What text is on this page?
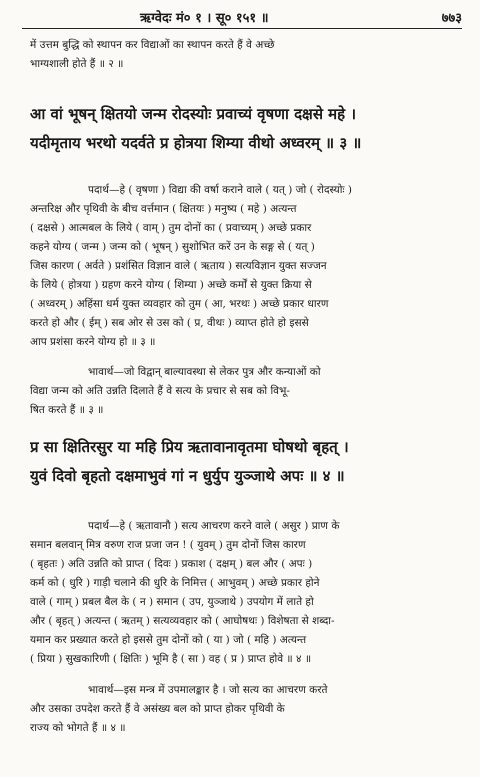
ऋग्वेदः मं० १ । सू० १५१ ॥	७७३
में उत्तम बुद्धि को स्थापन कर विद्याओं का स्थापन करते हैं वे अच्छे
भाग्यशाली होते हैं ॥ २ ॥
आ वां भूषन् क्षितयो जन्म रोदस्योः प्रवाच्यं वृषणा दक्षसे महे ।
यदीमृताय भरथो यदर्वते प्र होत्रया शिम्या वीथो अध्वरम् ॥ ३ ॥
पदार्थ—हे ( वृषणा ) विद्या की वर्षा कराने वाले ( यत् ) जो ( रोदस्योः )
अन्तरिक्ष और पृथिवी के बीच वर्त्तमान ( क्षितयः ) मनुष्य ( महे ) अत्यन्त
( दक्षसे ) आत्मबल के लिये ( वाम् ) तुम दोनों का ( प्रवाच्यम् ) अच्छे प्रकार
कहने योग्य ( जन्म ) जन्म को ( भूषन् ) सुशोभित करें उन के सङ्ग से ( यत् )
जिस कारण ( अर्वते ) प्रशंसित विज्ञान वाले ( ऋताय ) सत्यविज्ञान युक्त सज्जन
के लिये ( होत्रया ) ग्रहण करने योग्य ( शिम्या ) अच्छे कर्मों से युक्त क्रिया से
( अध्वरम् ) अहिंसा धर्म युक्त व्यवहार को तुम ( आ, भरथः ) अच्छे प्रकार धारण
करते हो और ( ईम् ) सब ओर से उस को ( प्र, वीथः ) व्याप्त होते हो इससे
आप प्रशंसा करने योग्य हो ॥ ३ ॥
भावार्थ—जो विद्वान् बाल्यावस्था से लेकर पुत्र और कन्याओं को
विद्या जन्म को अति उन्नति दिलाते हैं वे सत्य के प्रचार से सब को विभू-
षित करते हैं ॥ ३ ॥
प्र सा क्षितिरसुर या महि प्रिय ऋतावानावृतमा घोषथो बृहत् ।
युवं दिवो बृहतो दक्षमाभुवं गां न धुर्युप युञ्जाथे अपः ॥ ४ ॥
पदार्थ—हे ( ऋतावानौ ) सत्य आचरण करने वाले ( असुर ) प्राण के
समान बलवान् मित्र वरुण राज प्रजा जन ! ( युवम् ) तुम दोनों जिस कारण
( बृहतः ) अति उन्नति को प्राप्त ( दिवः ) प्रकाश ( दक्षम् ) बल और ( अपः )
कर्म को ( धुरि ) गाड़ी चलाने की धुरि के निमित्त ( आभुवम् ) अच्छे प्रकार होने
वाले ( गाम् ) प्रबल बैल के ( न ) समान ( उप, युञ्जाथे ) उपयोग में लाते हो
और ( बृहत् ) अत्यन्त ( ऋतम् ) सत्यव्यवहार को ( आघोषथः ) विशेषता से शब्दा-
यमान कर प्रख्यात करते हो इससे तुम दोनों को ( या ) जो ( महि ) अत्यन्त
( प्रिया ) सुखकारिणी ( क्षितिः ) भूमि है ( सा ) वह ( प्र ) प्राप्त होवे ॥ ४ ॥
भावार्थ—इस मन्त्र में उपमालङ्कार है । जो सत्य का आचरण करते
और उसका उपदेश करते हैं वे असंख्य बल को प्राप्त होकर पृथिवी के
राज्य को भोगते हैं ॥ ४ ॥
